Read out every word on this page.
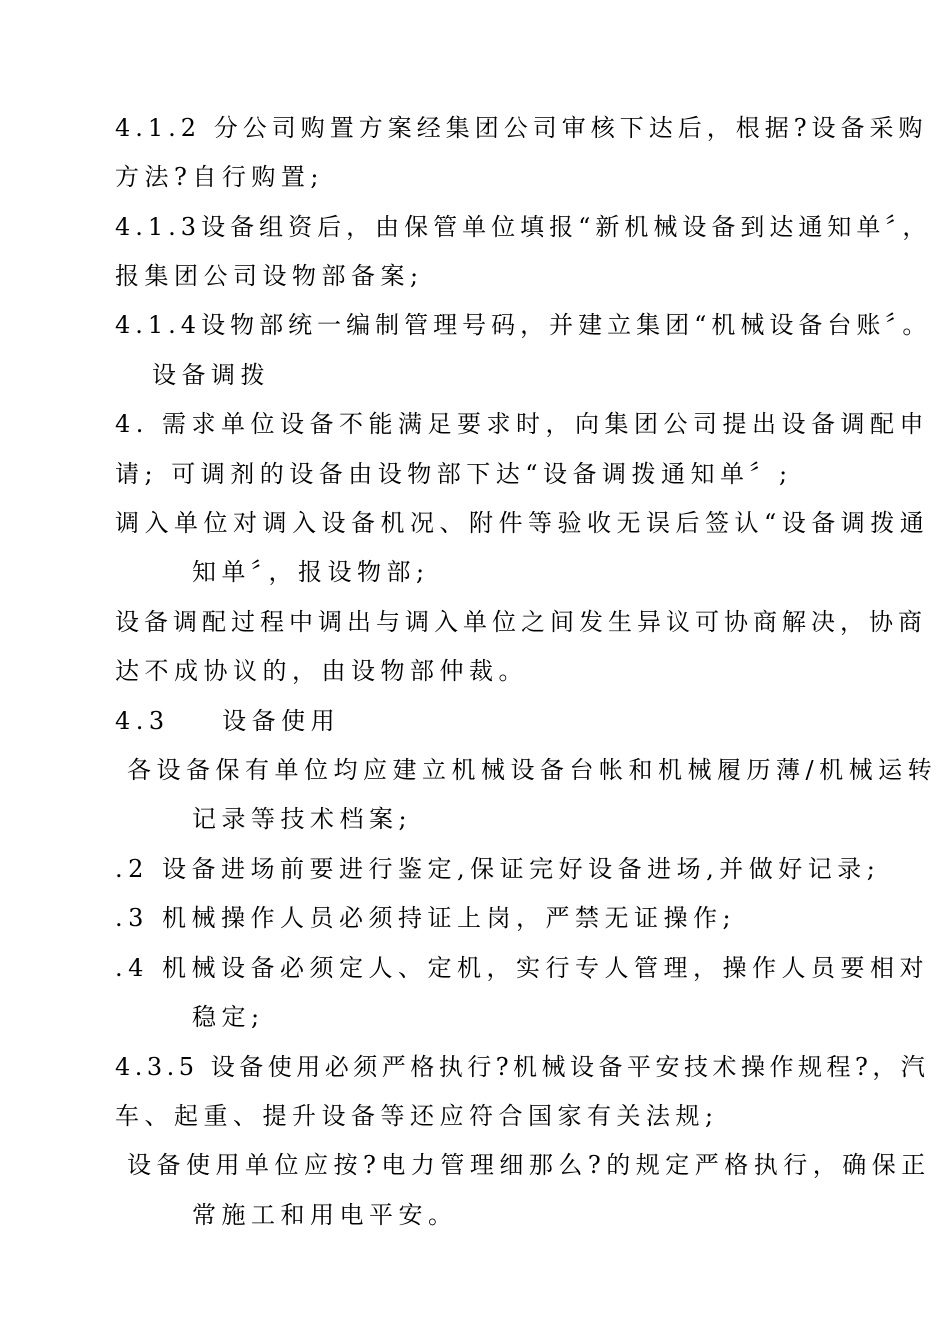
4.1.2 分公司购置方案经集团公司审核下达后，根据?设备采购
方法?自行购置;
4.1.3设备组资后，由保管单位填报“新机械设备到达通知单〞，
报集团公司设物部备案;
4.1.4设物部统一编制管理号码，并建立集团“机械设备台账〞。
设备调拨
4. 需求单位设备不能满足要求时，向集团公司提出设备调配申
请; 可调剂的设备由设物部下达“设备调拨通知单〞;
调入单位对调入设备机况、附件等验收无误后签认“设备调拨通
知单〞，报设物部;
设备调配过程中调出与调入单位之间发生异议可协商解决，协商
达不成协议的，由设物部仲裁。
4.3    设备使用
各设备保有单位均应建立机械设备台帐和机械履历薄/机械运转
记录等技术档案;
.2 设备进场前要进行鉴定,保证完好设备进场,并做好记录;
.3 机械操作人员必须持证上岗，严禁无证操作;
.4 机械设备必须定人、定机，实行专人管理，操作人员要相对
稳定;
4.3.5 设备使用必须严格执行?机械设备平安技术操作规程?，汽
车、起重、提升设备等还应符合国家有关法规;
设备使用单位应按?电力管理细那么?的规定严格执行，确保正
常施工和用电平安。
